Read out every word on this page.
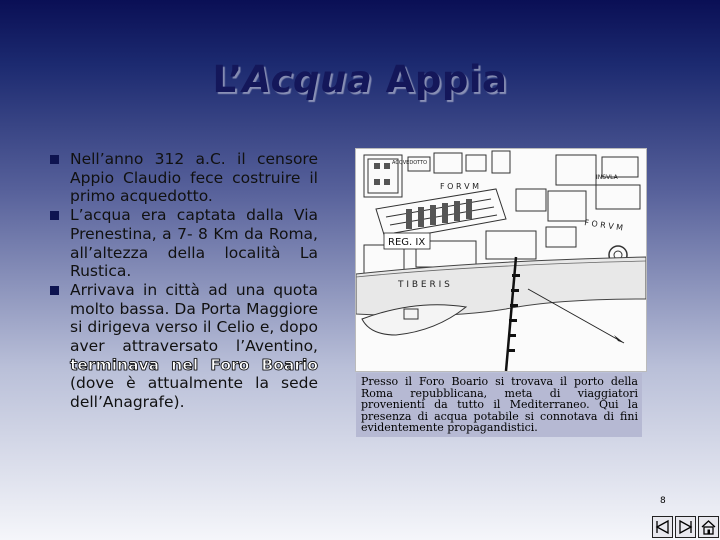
L’Acqua Appia
Nell’anno 312 a.C. il censore Appio Claudio fece costruire il primo acquedotto.
L’acqua era captata dalla Via Prenestina, a 7- 8 Km da Roma, all’altezza della località La Rustica.
Arrivava in città ad una quota molto bassa. Da Porta Maggiore si dirigeva verso il Celio e, dopo aver attraversato l’Aventino, terminava nel Foro Boario (dove è attualmente la sede dell’Anagrafe).
F O R V M
F O R V M
INSVLA
ACQVEDOTTO
REG. IX
T I B E R I S
Presso il Foro Boario si trovava il porto della Roma repubblicana, meta di viaggiatori provenienti da tutto il Mediterraneo. Qui la presenza di acqua potabile si connotava di fini evidentemente propagandistici.
8
